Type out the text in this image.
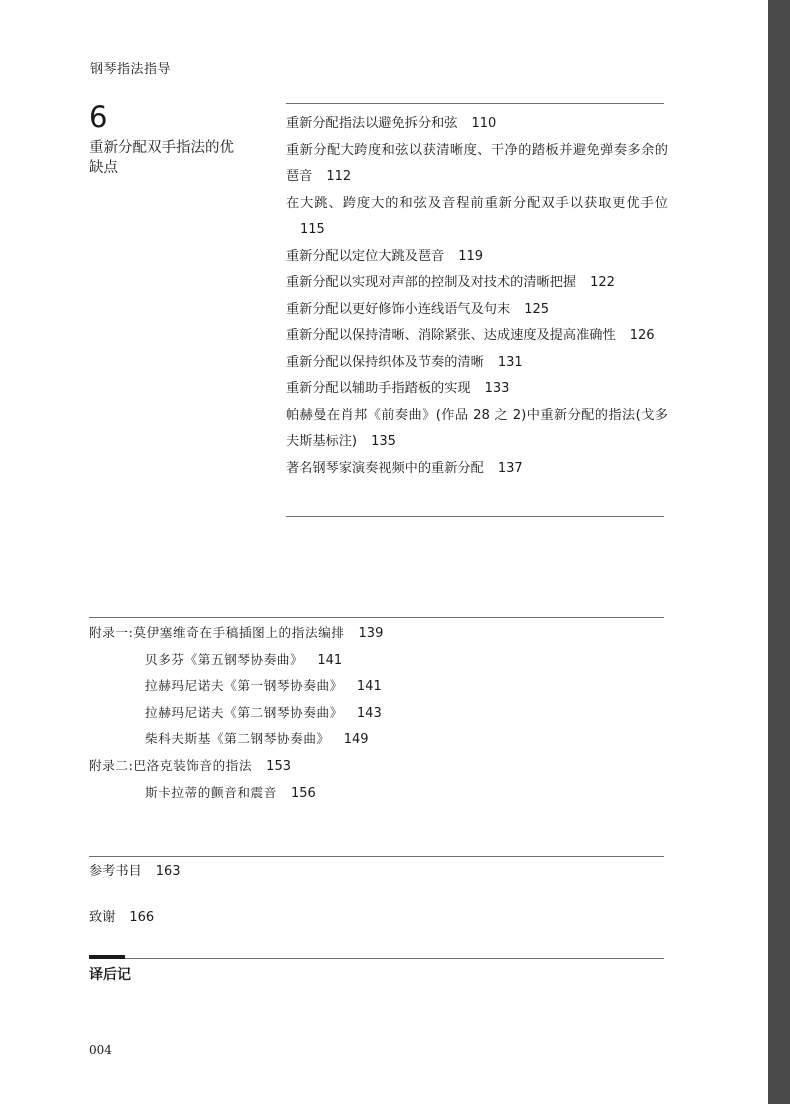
钢琴指法指导
6
重新分配双手指法的优缺点
重新分配指法以避免拆分和弦 110
重新分配大跨度和弦以获清晰度、干净的踏板并避免弹奏多余的琶音 112
在大跳、跨度大的和弦及音程前重新分配双手以获取更优手位115
重新分配以定位大跳及琶音 119
重新分配以实现对声部的控制及对技术的清晰把握 122
重新分配以更好修饰小连线语气及句末 125
重新分配以保持清晰、消除紧张、达成速度及提高准确性 126
重新分配以保持织体及节奏的清晰 131
重新分配以辅助手指踏板的实现 133
帕赫曼在肖邦《前奏曲》(作品 28 之 2)中重新分配的指法(戈多夫斯基标注) 135
著名钢琴家演奏视频中的重新分配 137
附录一:莫伊塞维奇在手稿插图上的指法编排 139
贝多芬《第五钢琴协奏曲》 141
拉赫玛尼诺夫《第一钢琴协奏曲》 141
拉赫玛尼诺夫《第二钢琴协奏曲》 143
柴科夫斯基《第二钢琴协奏曲》 149
附录二:巴洛克装饰音的指法 153
斯卡拉蒂的颤音和震音 156
参考书目 163
致谢 166
译后记
004
